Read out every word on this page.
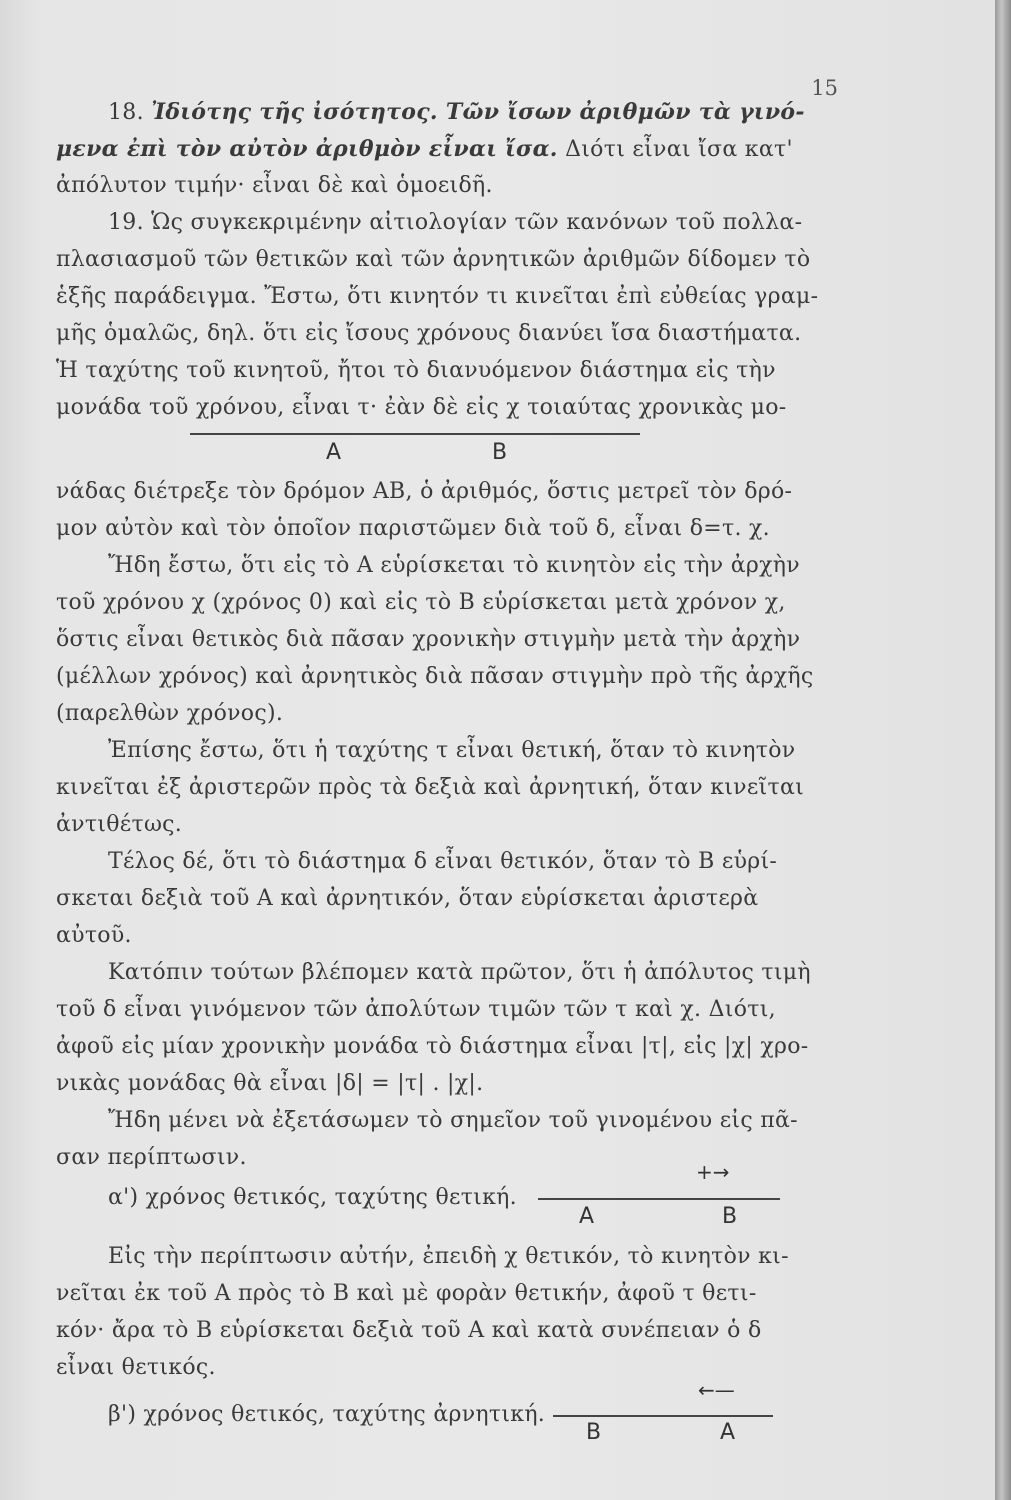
15
18. Ἰδιότης τῆς ἰσότητος. Τῶν ἴσων ἀριθμῶν τὰ γινό-
μενα ἐπὶ τὸν αὐτὸν ἀριθμὸν εἶναι ἴσα. Διότι εἶναι ἴσα κατ'
ἀπόλυτον τιμήν· εἶναι δὲ καὶ ὁμοειδῆ.
19. Ὡς συγκεκριμένην αἰτιολογίαν τῶν κανόνων τοῦ πολλα-
πλασιασμοῦ τῶν θετικῶν καὶ τῶν ἀρνητικῶν ἀριθμῶν δίδομεν τὸ
ἑξῆς παράδειγμα. Ἔστω, ὅτι κινητόν τι κινεῖται ἐπὶ εὐθείας γραμ-
μῆς ὁμαλῶς, δηλ. ὅτι εἰς ἴσους χρόνους διανύει ἴσα διαστήματα.
Ἡ ταχύτης τοῦ κινητοῦ, ἤτοι τὸ διανυόμενον διάστημα εἰς τὴν
μονάδα τοῦ χρόνου, εἶναι τ· ἐὰν δὲ εἰς χ τοιαύτας χρονικὰς μο-
A	B
νάδας διέτρεξε τὸν δρόμον ΑΒ, ὁ ἀριθμός, ὅστις μετρεῖ τὸν δρό-
μον αὐτὸν καὶ τὸν ὁποῖον παριστῶμεν διὰ τοῦ δ, εἶναι δ=τ. χ.
Ἤδη ἔστω, ὅτι εἰς τὸ Α εὑρίσκεται τὸ κινητὸν εἰς τὴν ἀρχὴν
τοῦ χρόνου χ (χρόνος 0) καὶ εἰς τὸ Β εὑρίσκεται μετὰ χρόνον χ,
ὅστις εἶναι θετικὸς διὰ πᾶσαν χρονικὴν στιγμὴν μετὰ τὴν ἀρχὴν
(μέλλων χρόνος) καὶ ἀρνητικὸς διὰ πᾶσαν στιγμὴν πρὸ τῆς ἀρχῆς
(παρελθὼν χρόνος).
Ἐπίσης ἔστω, ὅτι ἡ ταχύτης τ εἶναι θετική, ὅταν τὸ κινητὸν
κινεῖται ἐξ ἀριστερῶν πρὸς τὰ δεξιὰ καὶ ἀρνητική, ὅταν κινεῖται
ἀντιθέτως.
Τέλος δέ, ὅτι τὸ διάστημα δ εἶναι θετικόν, ὅταν τὸ Β εὑρί-
σκεται δεξιὰ τοῦ Α καὶ ἀρνητικόν, ὅταν εὑρίσκεται ἀριστερὰ
αὐτοῦ.
Κατόπιν τούτων βλέπομεν κατὰ πρῶτον, ὅτι ἡ ἀπόλυτος τιμὴ
τοῦ δ εἶναι γινόμενον τῶν ἀπολύτων τιμῶν τῶν τ καὶ χ. Διότι,
ἀφοῦ εἰς μίαν χρονικὴν μονάδα τὸ διάστημα εἶναι |τ|, εἰς |χ| χρο-
νικὰς μονάδας θὰ εἶναι |δ| = |τ| . |χ|.
Ἤδη μένει νὰ ἐξετάσωμεν τὸ σημεῖον τοῦ γινομένου εἰς πᾶ-
σαν περίπτωσιν.
α') χρόνος θετικός, ταχύτης θετική.
+→
A	B
Εἰς τὴν περίπτωσιν αὐτήν, ἐπειδὴ χ θετικόν, τὸ κινητὸν κι-
νεῖται ἐκ τοῦ Α πρὸς τὸ Β καὶ μὲ φορὰν θετικήν, ἀφοῦ τ θετι-
κόν· ἄρα τὸ Β εὑρίσκεται δεξιὰ τοῦ Α καὶ κατὰ συνέπειαν ὁ δ
εἶναι θετικός.
β') χρόνος θετικός, ταχύτης ἀρνητική.
←—
B	A
